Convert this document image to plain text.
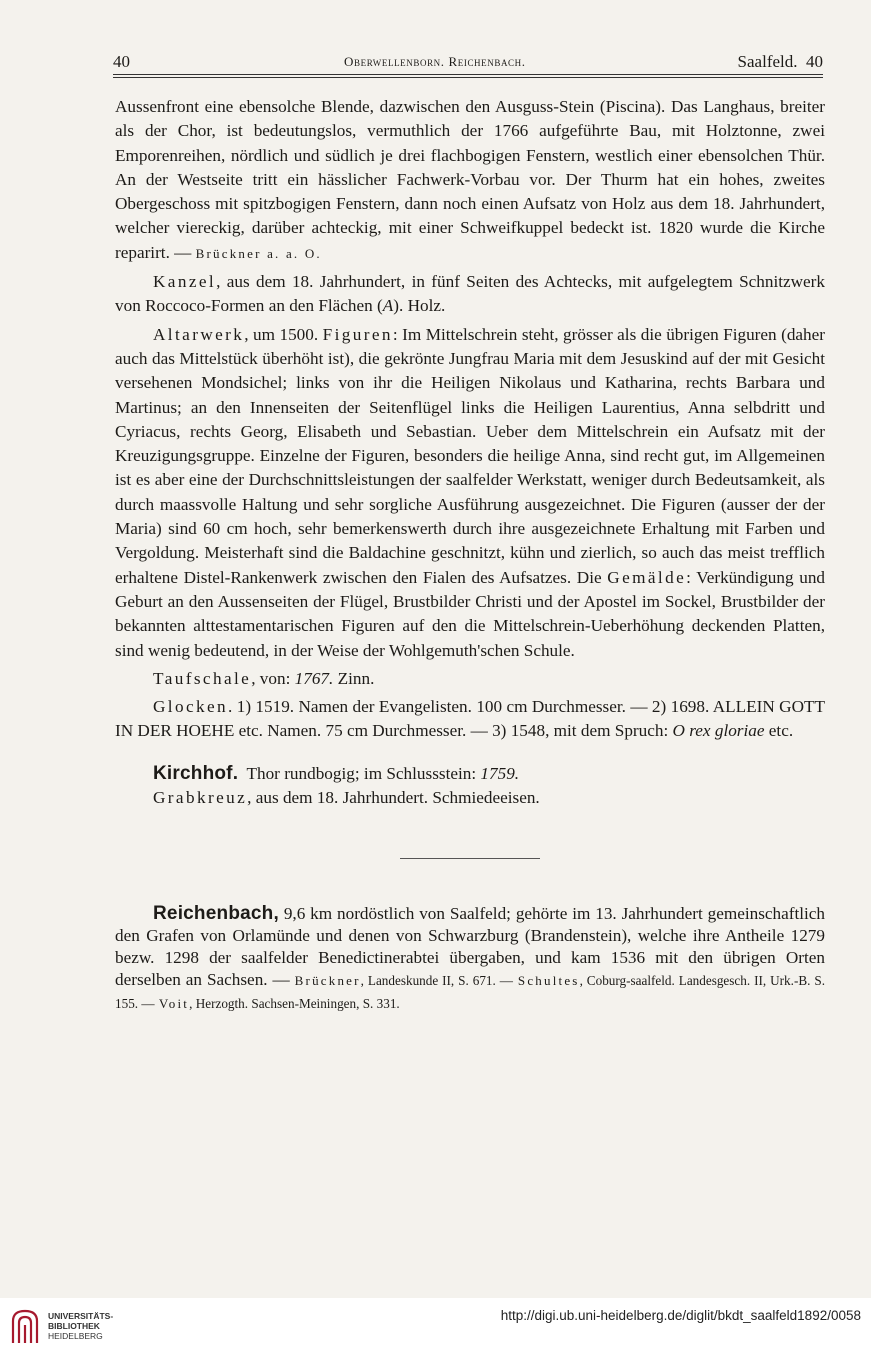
40	Oberwellenborn. Reichenbach.	Saalfeld. 40

Aussenfront eine ebensolche Blende, dazwischen den Ausguss-Stein (Piscina). Das Langhaus, breiter als der Chor, ist bedeutungslos, vermuthlich der 1766 aufgeführte Bau, mit Holztonne, zwei Emporenreihen, nördlich und südlich je drei flachbogigen Fenstern, westlich einer ebensolchen Thür. An der Westseite tritt ein hässlicher Fachwerk-Vorbau vor. Der Thurm hat ein hohes, zweites Obergeschoss mit spitzbogigen Fenstern, dann noch einen Aufsatz von Holz aus dem 18. Jahrhundert, welcher viereckig, darüber achteckig, mit einer Schweifkuppel bedeckt ist. 1820 wurde die Kirche reparirt. — Brückner a. a. O.

Kanzel, aus dem 18. Jahrhundert, in fünf Seiten des Achtecks, mit aufgelegtem Schnitzwerk von Roccoco-Formen an den Flächen (A). Holz.

Altarwerk, um 1500. Figuren: Im Mittelschrein steht, grösser als die übrigen Figuren (daher auch das Mittelstück überhöht ist), die gekrönte Jungfrau Maria mit dem Jesuskind auf der mit Gesicht versehenen Mondsichel; links von ihr die Heiligen Nikolaus und Katharina, rechts Barbara und Martinus; an den Innenseiten der Seitenflügel links die Heiligen Laurentius, Anna selbdritt und Cyriacus, rechts Georg, Elisabeth und Sebastian. Ueber dem Mittelschrein ein Aufsatz mit der Kreuzigungsgruppe. Einzelne der Figuren, besonders die heilige Anna, sind recht gut, im Allgemeinen ist es aber eine der Durchschnittsleistungen der saalfelder Werkstatt, weniger durch Bedeutsamkeit, als durch maassvolle Haltung und sehr sorgliche Ausführung ausgezeichnet. Die Figuren (ausser der der Maria) sind 60 cm hoch, sehr bemerkenswerth durch ihre ausgezeichnete Erhaltung mit Farben und Vergoldung. Meisterhaft sind die Baldachine geschnitzt, kühn und zierlich, so auch das meist trefflich erhaltene Distel-Rankenwerk zwischen den Fialen des Aufsatzes. Die Gemälde: Verkündigung und Geburt an den Aussenseiten der Flügel, Brustbilder Christi und der Apostel im Sockel, Brustbilder der bekannten alttestamentarischen Figuren auf den die Mittelschrein-Ueberhöhung deckenden Platten, sind wenig bedeutend, in der Weise der Wohlgemuth'schen Schule.

Taufschale, von: 1767. Zinn.

Glocken. 1) 1519. Namen der Evangelisten. 100 cm Durchmesser. — 2) 1698. ALLEIN GOTT IN DER HOEHE etc. Namen. 75 cm Durchmesser. — 3) 1548, mit dem Spruch: O rex gloriae etc.

Kirchhof. Thor rundbogig; im Schlussstein: 1759.

Grabkreuz, aus dem 18. Jahrhundert. Schmiedeeisen.

Reichenbach, 9,6 km nordöstlich von Saalfeld; gehörte im 13. Jahrhundert gemeinschaftlich den Grafen von Orlamünde und denen von Schwarzburg (Brandenstein), welche ihre Antheile 1279 bezw. 1298 der saalfelder Benedictinerabtei übergaben, und kam 1536 mit den übrigen Orten derselben an Sachsen. — Brückner, Landeskunde II, S. 671. — Schultes, Coburg-saalfeld. Landesgesch. II, Urk.-B. S. 155. — Voit, Herzogth. Sachsen-Meiningen, S. 331.

UNIVERSITÄTS-
BIBLIOTHEK
HEIDELBERG
http://digi.ub.uni-heidelberg.de/diglit/bkdt_saalfeld1892/0058
